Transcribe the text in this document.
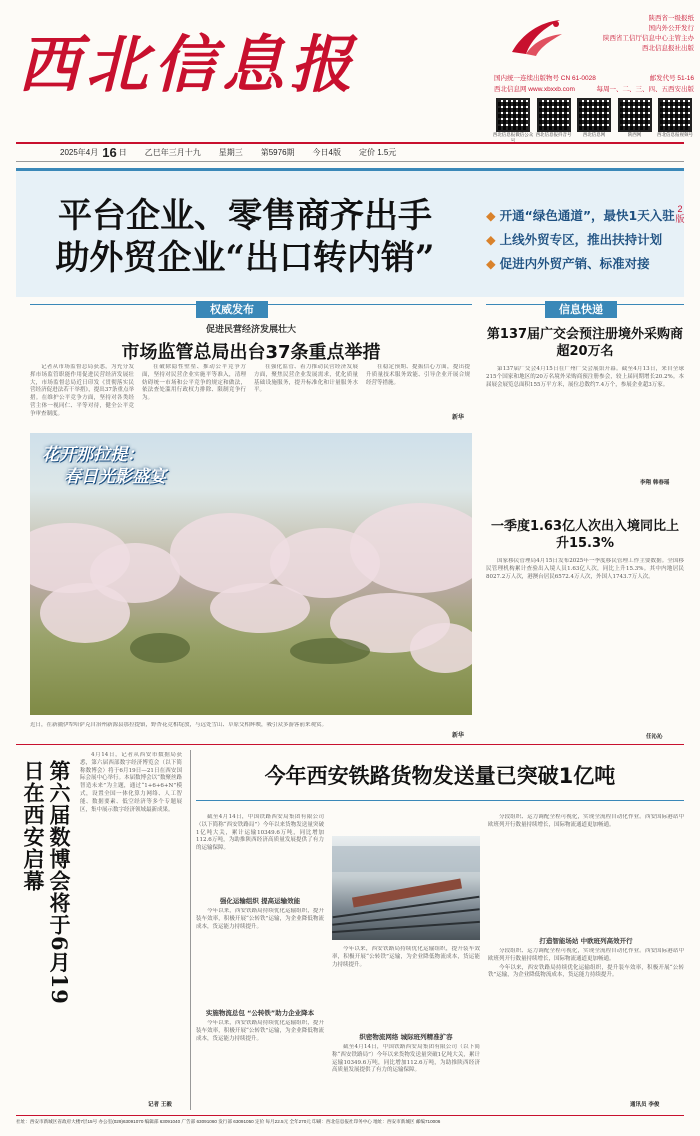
西北信息报
陕西省一级报纸
国内外公开发行
陕西省工信厅信息中心主管主办
西北信息报社出版
国内统一连续出版物号 CN 61-0028	邮发代号 51-16
西北信息网 www.xbxxb.com	每周一、二、三、四、五西安出版
西北信息报微信公众号
西北信息报抖音号	西北信息网	陕西网	西北信息报视频号
2025年4月 16 日 乙巳年三月十九 星期三 第5976期 今日4版 定价 1.5元
平台企业、零售商齐出手
助外贸企业“出口转内销”
◆ 开通“绿色通道”，最快1天入驻
◆ 上线外贸专区，推出扶持计划
◆ 促进内外贸产销、标准对接
2版
权威发布
促进民营经济发展壮大
市场监管总局出台37条重点举措

记者从市场监督总局获悉，为充分发挥市场监管职能作用促进民营经济发展壮大，市场监督总局近日印发《贯彻落实民营经济促进法若干举措》，提出37条重点举措。在维护公平竞争方面，坚持对各类经营主体一视同仁、平等对待，健全公平竞争审查制度。

在破除隐性壁垒、推动公平竞争方面，坚持对民营企业实施平等准入，清理妨碍统一市场和公平竞争的规定和做法，依法查处滥用行政权力排除、限制竞争行为。

在强化监管、着力推动民营经济发展方面，聚焦民营企业发展需求，优化质量基础设施服务，提升标准化和计量服务水平。

在稳定预期、提振信心方面，提出提升质量技术服务效能、引导企业开展合规经营等措施。

新华
花开那拉提：
春日光影盛宴
近日，在新疆伊犁哈萨克自治州新源县那拉提镇，野杏花竞相绽放，与远处雪山、草原交相辉映，吸引众多游客前来观赏。
新华
信息快递
第137届广交会预注册境外采购商超20万名

第137届广交会4月15日在广州广交会展馆开幕。截至4月13日，来自全球215个国家和地区的20万名境外采购商预注册参会，较上届同期增长20.2%。本届展会展览总面积155万平方米，展位总数约7.4万个，参展企业超3万家。

李翔 韩春瑶
一季度1.63亿人次出入境同比上升15.3%

国家移民管理局4月15日发布2025年一季度移民管理工作主要数据。全国移民管理机构累计查验出入境人员1.63亿人次，同比上升15.3%。其中内地居民8027.2万人次，港澳台居民6572.4万人次，外国人1743.7万人次。

任沁沁
第六届数博会将于6月19日在西安启幕

4月14日，记者从西安市数据局获悉，第六届西部数字经济博览会（以下简称数博会）将于6月19日—21日在西安国际会展中心举行。本届数博会以“数聚丝路 智造未来”为主题，通过“1+6+6+N”模式，设置全国一体化算力网络、人工智能、数据要素、低空经济等多个专题展区，集中展示数字经济领域最新成果。

记者 王毅
今年西安铁路货物发送量已突破1亿吨

截至4月14日，中国铁路西安局集团有限公司（以下简称“西安铁路局”）今年以来货物发送量突破1亿吨大关，累计运输10349.6万吨，同比增加112.6万吨，为助推陕西经济高质量发展提供了有力的运输保障。

强化运输组织 提高运输效能

今年以来，西安铁路局持续优化运输组织，提升装车效率，积极开展“公转铁”运输，为企业降低物流成本，货运能力持续提升。

实施物流总包 “公转铁”助力企业降本

今年以来，西安铁路局持续优化运输组织，提升装车效率，积极开展“公转铁”运输，为企业降低物流成本，货运能力持续提升。

今年以来，西安铁路局持续优化运输组织，提升装车效率，积极开展“公转铁”运输，为企业降低物流成本，货运能力持续提升。

织密物流网络 城际班列精准扩容

截至4月14日，中国铁路西安局集团有限公司（以下简称“西安铁路局”）今年以来货物发送量突破1亿吨大关，累计运输10349.6万吨，同比增加112.6万吨，为助推陕西经济高质量发展提供了有力的运输保障。

分段组织、运力调配全程可视化，实现全流程自动化作业。西安国际港站中欧班列开行数量持续增长，国际物流通道更加畅通。

打造智能场站 中欧班列高效开行

分段组织、运力调配全程可视化，实现全流程自动化作业。西安国际港站中欧班列开行数量持续增长，国际物流通道更加畅通。

今年以来，西安铁路局持续优化运输组织，提升装车效率，积极开展“公转铁”运输，为企业降低物流成本，货运能力持续提升。

通讯员 李俊
社址：西安市新城区省政府大楼7层15号 办公室(029)63091070 编辑部 63091040 广告部 63091060 发行部 63091050 定价 每月22.5元 全年270元 印刷：西北信息报社印务中心 地址：西安市新城区 邮编710006
